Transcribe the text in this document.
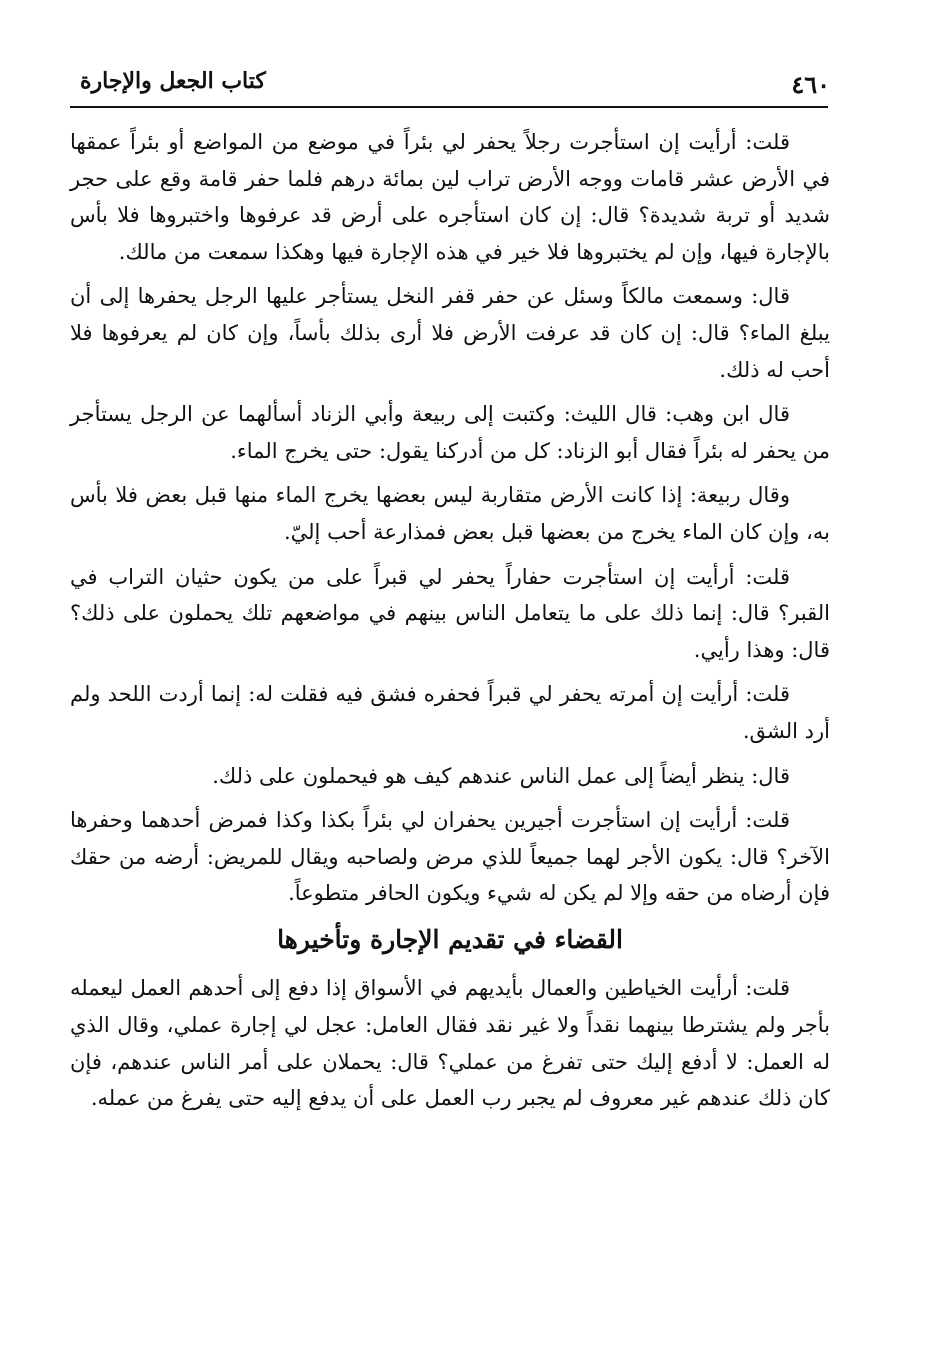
٤٦٠
كتاب الجعل والإجارة

قلت: أرأيت إن استأجرت رجلاً يحفر لي بئراً في موضع من المواضع أو بئراً عمقها في الأرض عشر قامات ووجه الأرض تراب لين بمائة درهم فلما حفر قامة وقع على حجر شديد أو تربة شديدة؟ قال: إن كان استأجره على أرض قد عرفوها واختبروها فلا بأس بالإجارة فيها، وإن لم يختبروها فلا خير في هذه الإجارة فيها وهكذا سمعت من مالك.

قال: وسمعت مالكاً وسئل عن حفر قفر النخل يستأجر عليها الرجل يحفرها إلى أن يبلغ الماء؟ قال: إن كان قد عرفت الأرض فلا أرى بذلك بأساً، وإن كان لم يعرفوها فلا أحب له ذلك.

قال ابن وهب: قال الليث: وكتبت إلى ربيعة وأبي الزناد أسألهما عن الرجل يستأجر من يحفر له بئراً فقال أبو الزناد: كل من أدركنا يقول: حتى يخرج الماء.

وقال ربيعة: إذا كانت الأرض متقاربة ليس بعضها يخرج الماء منها قبل بعض فلا بأس به، وإن كان الماء يخرج من بعضها قبل بعض فمذارعة أحب إليّ.

قلت: أرأيت إن استأجرت حفاراً يحفر لي قبراً على من يكون حثيان التراب في القبر؟ قال: إنما ذلك على ما يتعامل الناس بينهم في مواضعهم تلك يحملون على ذلك؟ قال: وهذا رأيي.

قلت: أرأيت إن أمرته يحفر لي قبراً فحفره فشق فيه فقلت له: إنما أردت اللحد ولم أرد الشق.

قال: ينظر أيضاً إلى عمل الناس عندهم كيف هو فيحملون على ذلك.

قلت: أرأيت إن استأجرت أجيرين يحفران لي بئراً بكذا وكذا فمرض أحدهما وحفرها الآخر؟ قال: يكون الأجر لهما جميعاً للذي مرض ولصاحبه ويقال للمريض: أرضه من حقك فإن أرضاه من حقه وإلا لم يكن له شيء ويكون الحافر متطوعاً.

القضاء في تقديم الإجارة وتأخيرها

قلت: أرأيت الخياطين والعمال بأيديهم في الأسواق إذا دفع إلى أحدهم العمل ليعمله بأجر ولم يشترطا بينهما نقداً ولا غير نقد فقال العامل: عجل لي إجارة عملي، وقال الذي له العمل: لا أدفع إليك حتى تفرغ من عملي؟ قال: يحملان على أمر الناس عندهم، فإن كان ذلك عندهم غير معروف لم يجبر رب العمل على أن يدفع إليه حتى يفرغ من عمله.
